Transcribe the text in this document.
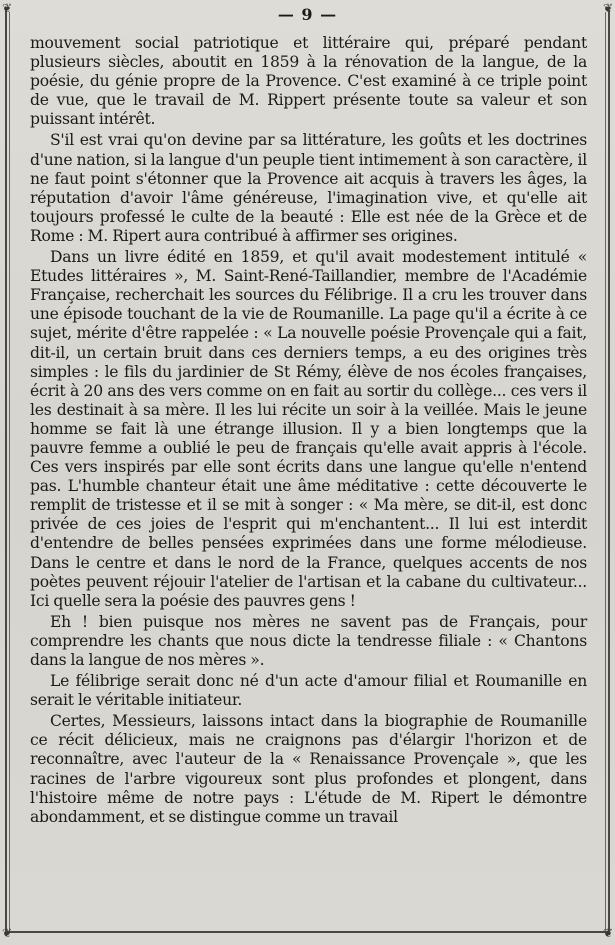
❦	❦
❦	❦
— 9 —

mouvement social patriotique et littéraire qui, préparé pendant plusieurs siècles, aboutit en 1859 à la rénovation de la langue, de la poésie, du génie propre de la Provence. C'est examiné à ce triple point de vue, que le travail de M. Rippert présente toute sa valeur et son puissant intérêt.

S'il est vrai qu'on devine par sa littérature, les goûts et les doctrines d'une nation, si la langue d'un peuple tient intimement à son caractère, il ne faut point s'étonner que la Provence ait acquis à travers les âges, la réputation d'avoir l'âme généreuse, l'imagination vive, et qu'elle ait toujours professé le culte de la beauté : Elle est née de la Grèce et de Rome : M. Ripert aura contribué à affirmer ses origines.

Dans un livre édité en 1859, et qu'il avait modestement intitulé « Etudes littéraires », M. Saint-René-Taillandier, membre de l'Académie Française, recherchait les sources du Félibrige. Il a cru les trouver dans une épisode touchant de la vie de Roumanille. La page qu'il a écrite à ce sujet, mérite d'être rappelée : « La nouvelle poésie Provençale qui a fait, dit-il, un certain bruit dans ces derniers temps, a eu des origines très simples : le fils du jardinier de St Rémy, élève de nos écoles françaises, écrit à 20 ans des vers comme on en fait au sortir du collège... ces vers il les destinait à sa mère. Il les lui récite un soir à la veillée. Mais le jeune homme se fait là une étrange illusion. Il y a bien longtemps que la pauvre femme a oublié le peu de français qu'elle avait appris à l'école. Ces vers inspirés par elle sont écrits dans une langue qu'elle n'entend pas. L'humble chanteur était une âme méditative : cette découverte le remplit de tristesse et il se mit à songer : « Ma mère, se dit-il, est donc privée de ces joies de l'esprit qui m'enchantent... Il lui est interdit d'entendre de belles pensées exprimées dans une forme mélodieuse. Dans le centre et dans le nord de la France, quelques accents de nos poètes peuvent réjouir l'atelier de l'artisan et la cabane du cultivateur... Ici quelle sera la poésie des pauvres gens !

Eh ! bien puisque nos mères ne savent pas de Français, pour comprendre les chants que nous dicte la tendresse filiale : « Chantons dans la langue de nos mères ».

Le félibrige serait donc né d'un acte d'amour filial et Roumanille en serait le véritable initiateur.

Certes, Messieurs, laissons intact dans la biographie de Roumanille ce récit délicieux, mais ne craignons pas d'élargir l'horizon et de reconnaître, avec l'auteur de la « Renaissance Provençale », que les racines de l'arbre vigoureux sont plus profondes et plongent, dans l'histoire même de notre pays : L'étude de M. Ripert le démontre abondamment, et se distingue comme un travail
